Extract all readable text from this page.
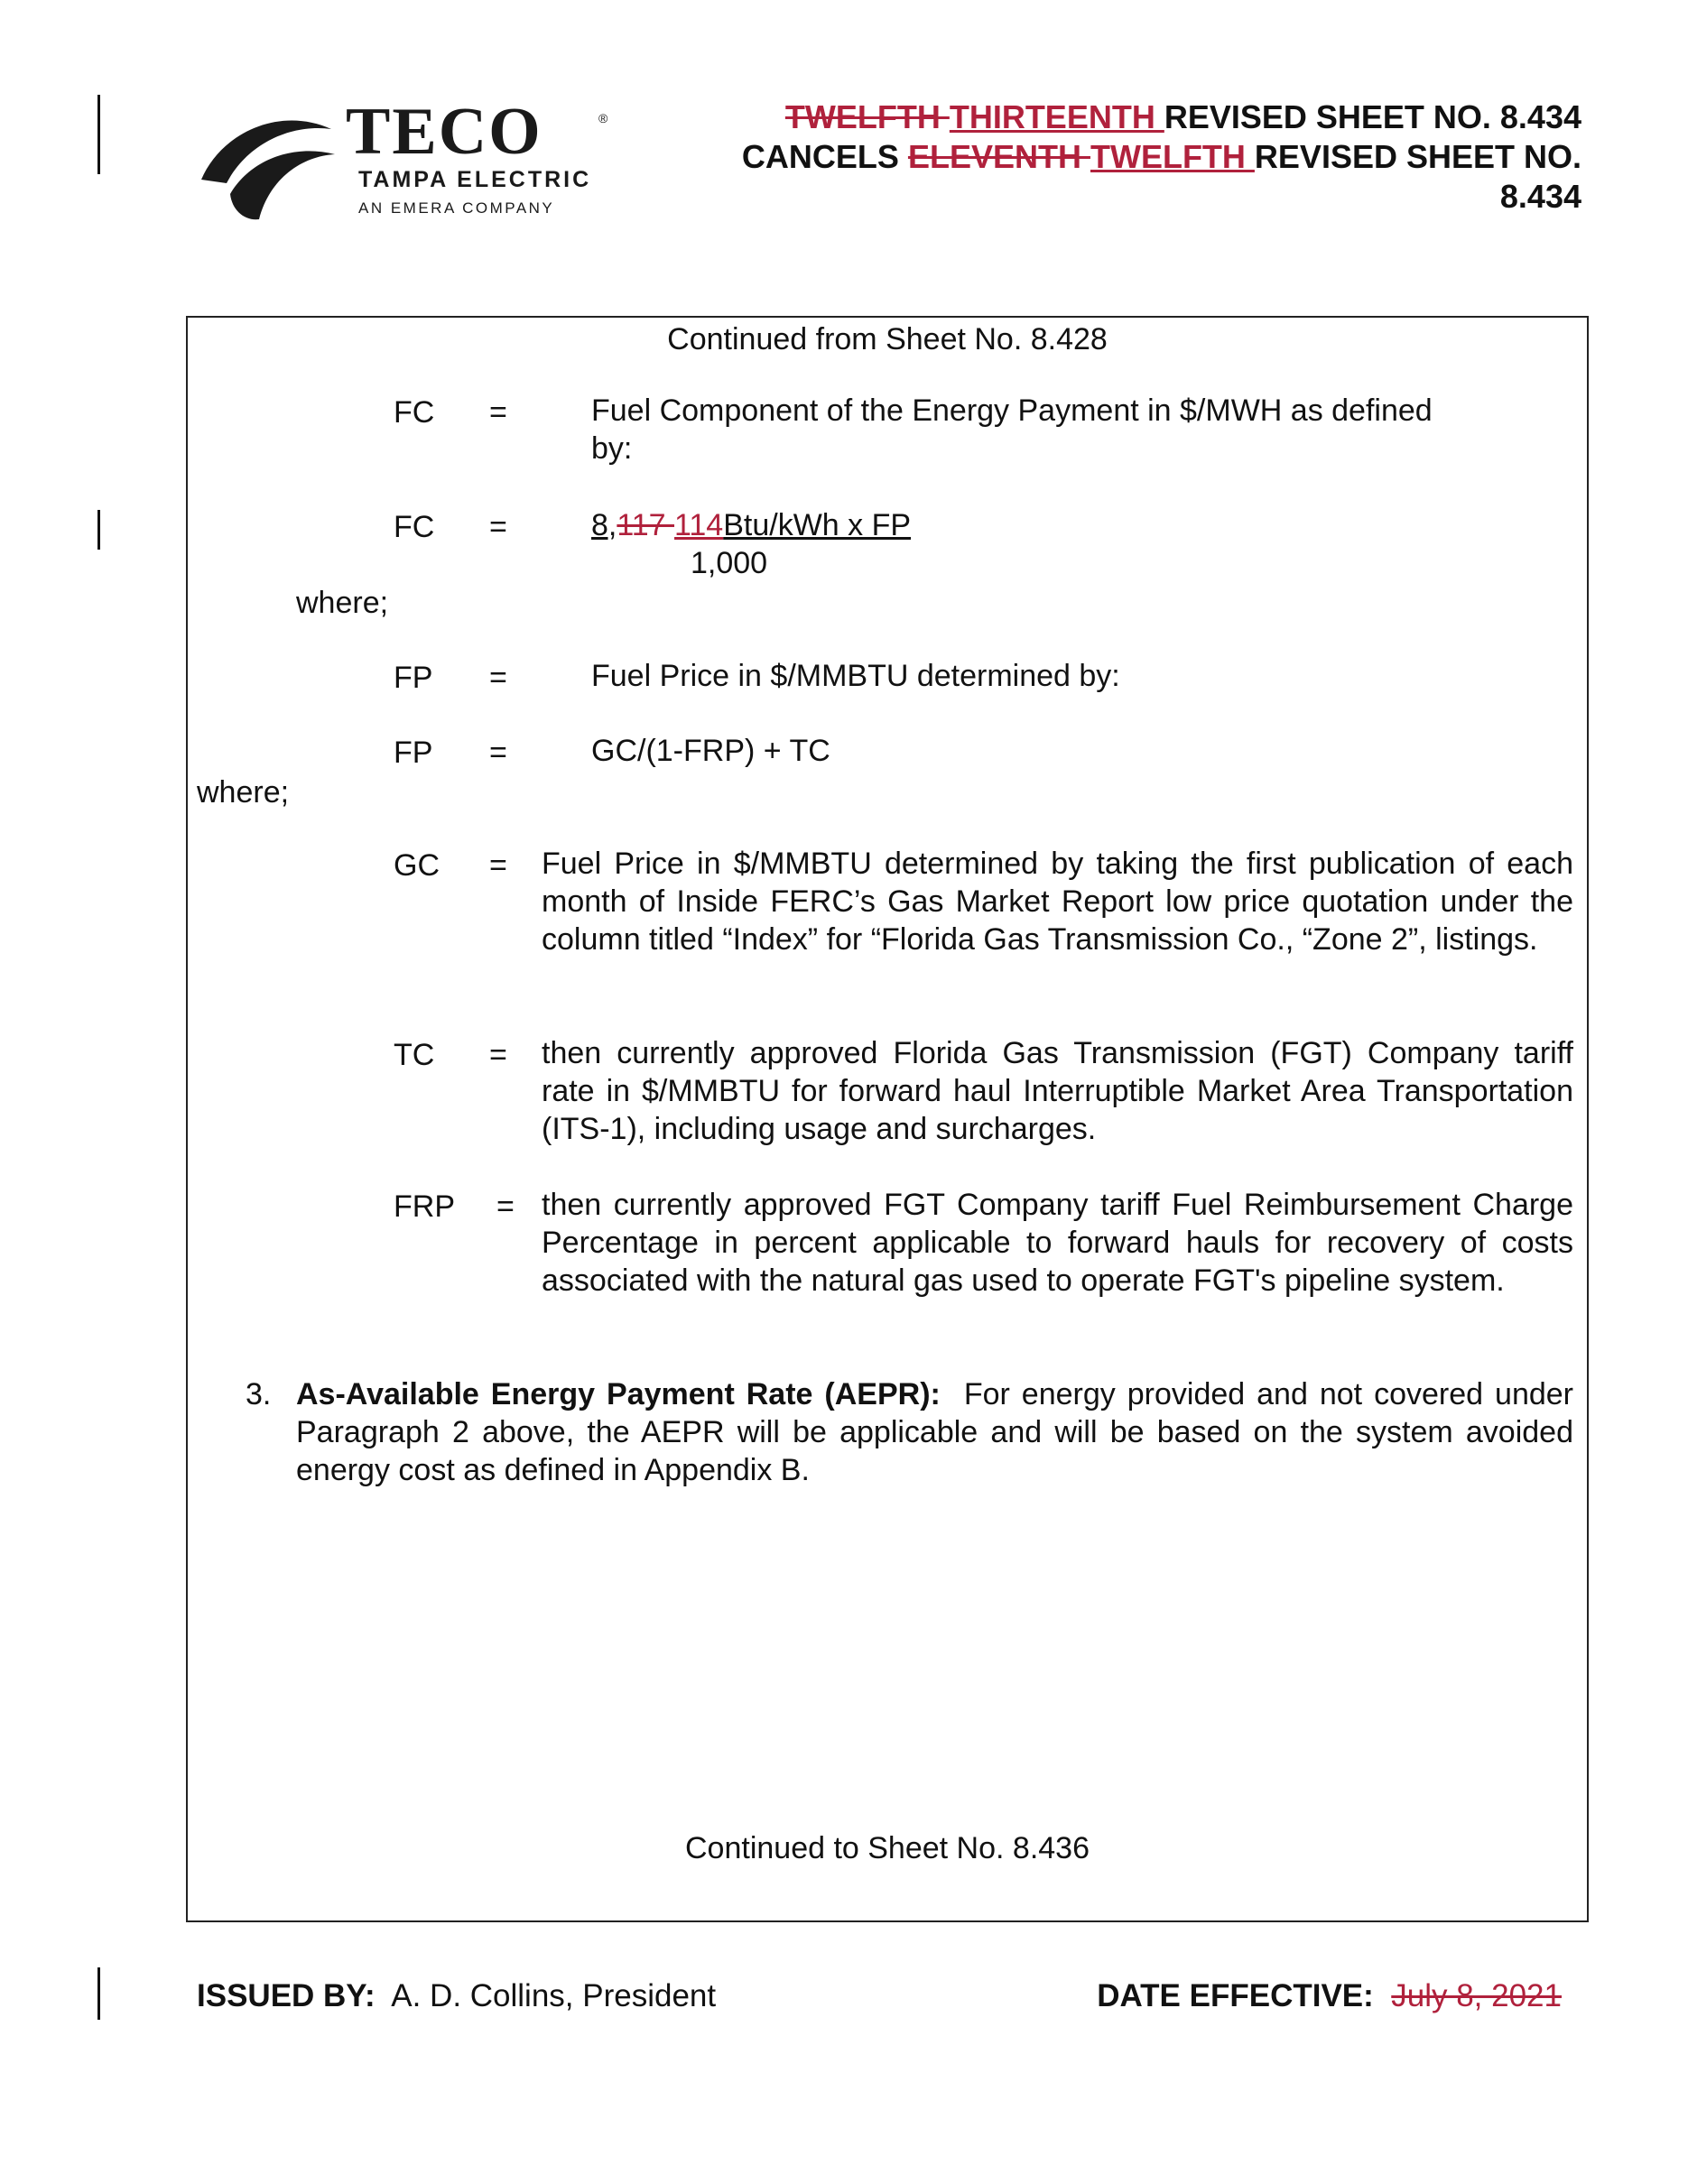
TECO	®
TAMPA ELECTRIC
AN EMERA COMPANY
TWELFTH THIRTEENTH REVISED SHEET NO. 8.434
CANCELS ELEVENTH TWELFTH REVISED SHEET NO.
8.434
Continued from Sheet No. 8.428
FC =	Fuel Component of the Energy Payment in $/MWH as defined
by:
FC =	8,117 114Btu/kWh x FP
1,000
where;
FP =	Fuel Price in $/MMBTU determined by:
FP =	GC/(1-FRP) + TC
where;
GC = Fuel Price in $/MMBTU determined by taking the first publication of each month of Inside FERC’s Gas Market Report low price quotation under the column titled “Index” for “Florida Gas Transmission Co., “Zone 2”, listings.
TC = then currently approved Florida Gas Transmission (FGT) Company tariff rate in $/MMBTU for forward haul Interruptible Market Area Transportation (ITS-1), including usage and surcharges.
FRP = then currently approved FGT Company tariff Fuel Reimbursement Charge Percentage in percent applicable to forward hauls for recovery of costs associated with the natural gas used to operate FGT's pipeline system.
3. As-Available Energy Payment Rate (AEPR): For energy provided and not covered under Paragraph 2 above, the AEPR will be applicable and will be based on the system avoided energy cost as defined in Appendix B.
Continued to Sheet No. 8.436
ISSUED BY: A. D. Collins, President	DATE EFFECTIVE: July 8, 2021
